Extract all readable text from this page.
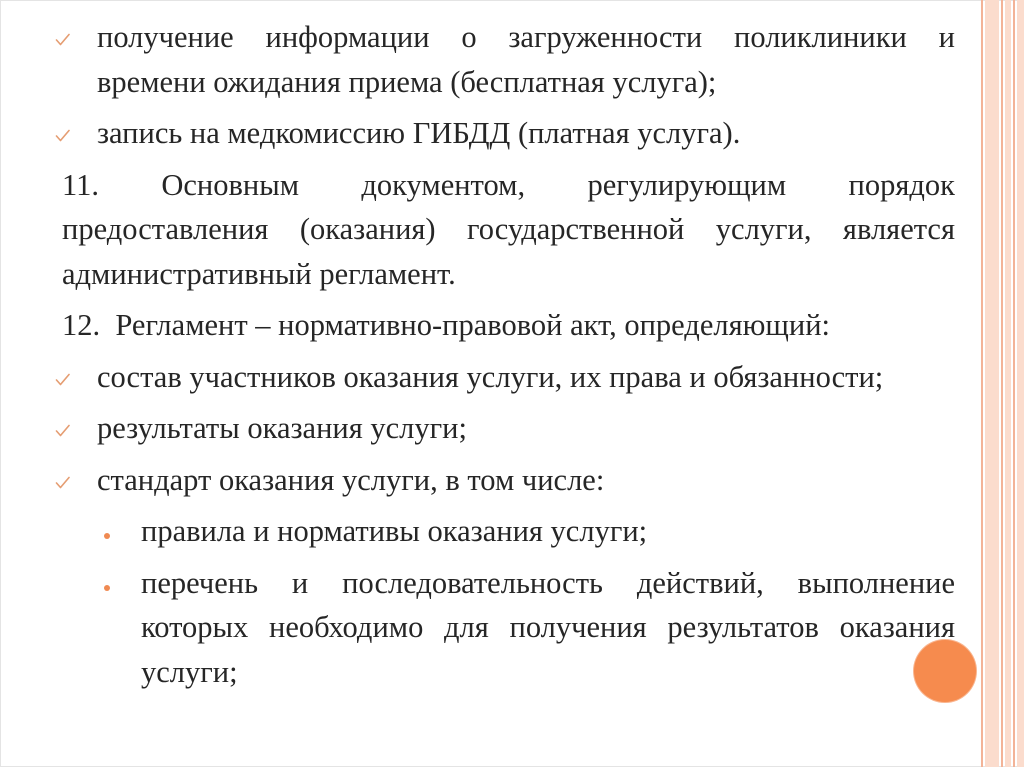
получение информации о загруженности поликлиники и
времени ожидания приема (бесплатная услуга);
запись на медкомиссию ГИБДД (платная услуга).
11. Основным документом, регулирующим порядок
предоставления (оказания) государственной услуги, является
административный регламент.
12.  Регламент – нормативно-правовой акт, определяющий:
состав участников оказания услуги, их права и обязанности;
результаты оказания услуги;
стандарт оказания услуги, в том числе:
правила и нормативы оказания услуги;
перечень и последовательность действий, выполнение
которых необходимо для получения результатов оказания
услуги;
